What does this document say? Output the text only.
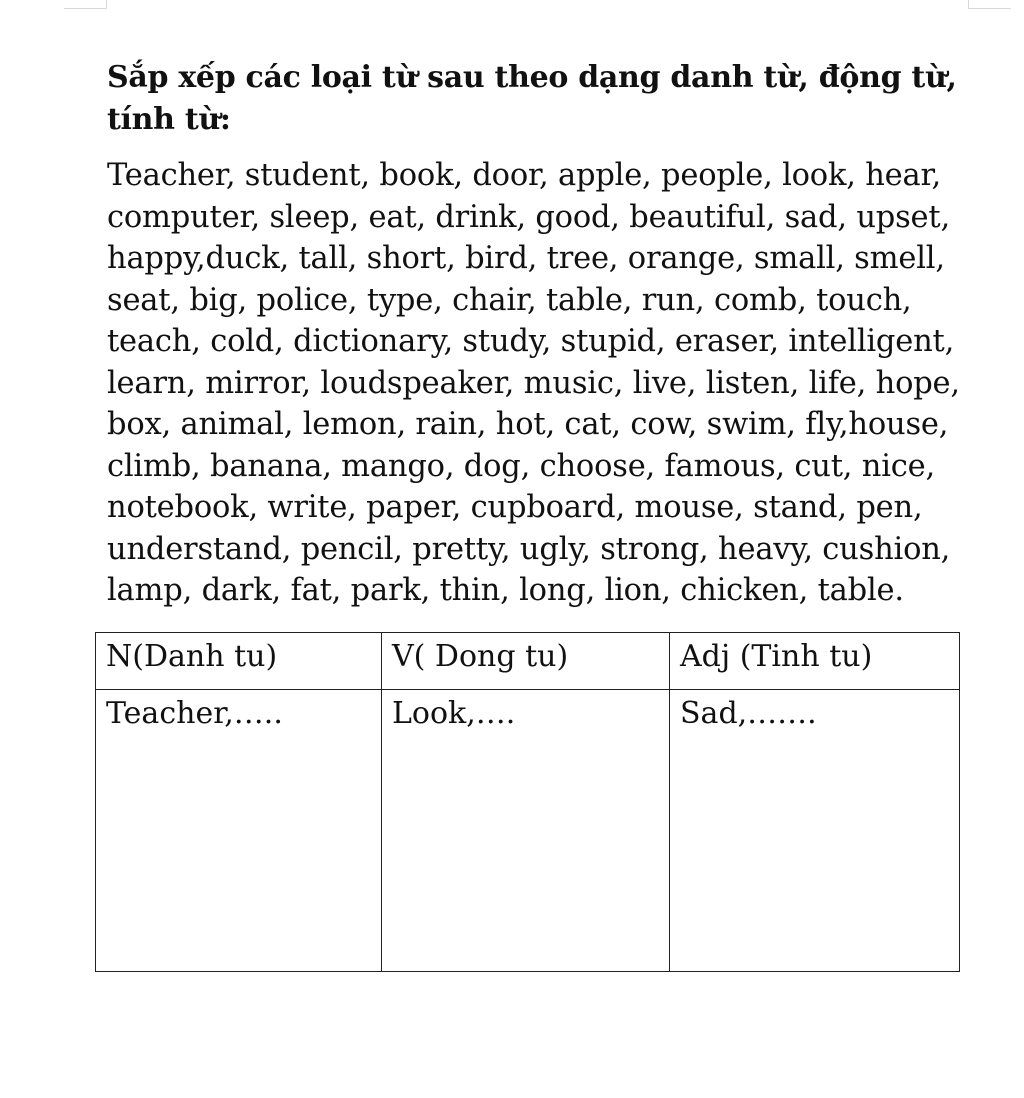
Sắp xếp các loại từ sau theo dạng danh từ, động từ, tính từ:

Teacher, student, book, door, apple, people, look, hear,
computer, sleep, eat, drink, good, beautiful, sad, upset,
happy,duck, tall, short, bird, tree, orange, small, smell,
seat, big, police, type, chair, table, run, comb, touch,
teach, cold, dictionary, study, stupid, eraser, intelligent,
learn, mirror, loudspeaker, music, live, listen, life, hope,
box, animal, lemon, rain, hot, cat, cow, swim, fly,house,
climb, banana, mango, dog, choose, famous, cut, nice,
notebook, write, paper, cupboard, mouse, stand, pen,
understand, pencil, pretty, ugly, strong, heavy, cushion,
lamp, dark, fat, park, thin, long, lion, chicken, table.

N(Danh tu)	V( Dong tu)	Adj (Tinh tu)
Teacher,…..	Look,….	Sad,…….
